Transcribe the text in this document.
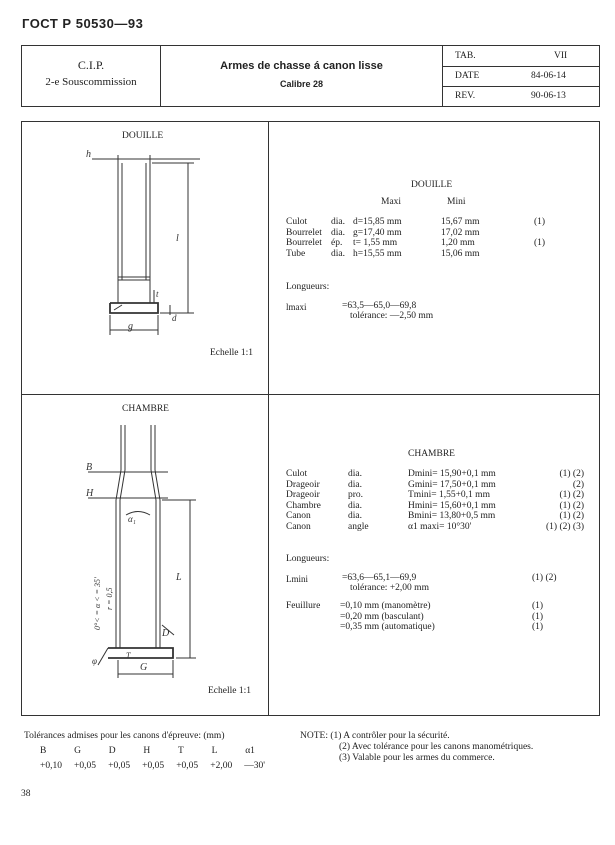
ГОСТ Р 50530—93
C.I.P.
2-e Souscommission
Armes de chasse á canon lisse
Calibre 28
TAB.	VII
DATE	84-06-14
REV.	90-06-13
DOUILLE
h
l
g
t
d
Echelle 1:1
DOUILLE
Maxi	Mini
Culot	dia. d=15,85 mm	15,67 mm	(1)
Bourrelet dia. g=17,40 mm	17,02 mm
Bourrelet ép. t= 1,55 mm	1,20 mm	(1)
Tube	dia. h=15,55 mm	15,06 mm
Longueurs:
lmaxi	=63,5—65,0—69,8
tolérance: —2,50 mm
CHAMBRE
B
H
α₁
L
D
G
T
φ
0°< = α < = 35' r = 0,5
Echelle 1:1
CHAMBRE
Culot	dia.	Dmini= 15,90+0,1 mm	(1) (2)
Drageoir	dia.	Gmini= 17,50+0,1 mm	(2)
Drageoir	pro.	Tmini= 1,55+0,1 mm	(1) (2)
Chambre	dia.	Hmini= 15,60+0,1 mm	(1) (2)
Canon	dia.	Bmini= 13,80+0,5 mm	(1) (2)
Canon	angle	α1 maxi= 10°30'	(1) (2) (3)
Longueurs:
Lmini	=63,6—65,1—69,9	(1) (2)
tolérance: +2,00 mm
Feuillure =0,10 mm (manomètre)	(1)
=0,20 mm (basculant)	(1)
=0,35 mm (automatique)	(1)
Tolérances admises pour les canons d'épreuve: (mm)
B	G	D	H	T	L	α1
+0,10 +0,05 +0,05 +0,05 +0,05 +2,00 —30'
NOTE: (1) A contrôler pour la sécurité.
(2) Avec tolérance pour les canons manométriques.
(3) Valable pour les armes du commerce.
38
